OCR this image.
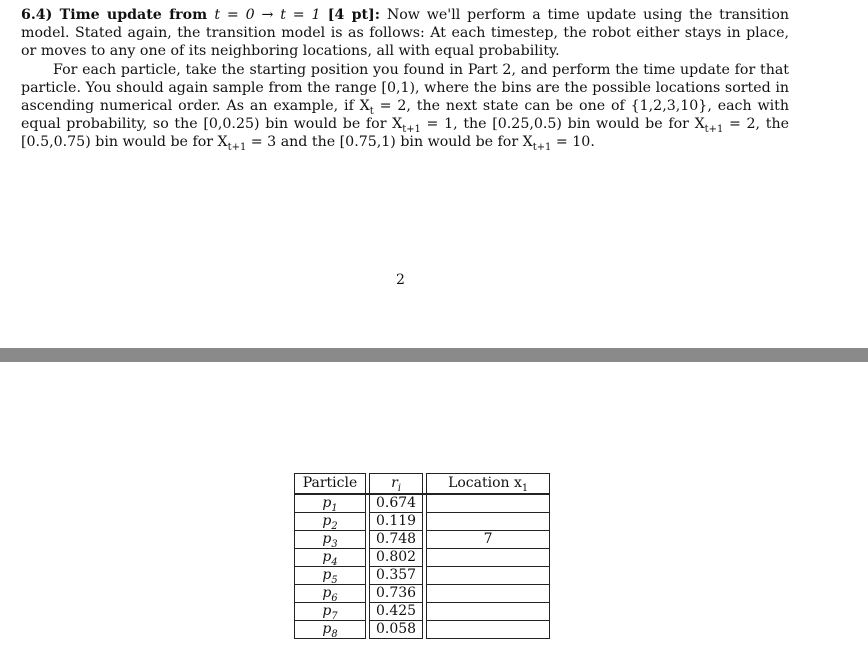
6.4) Time update from t = 0 → t = 1 [4 pt]: Now we'll perform a time update using the transition model. Stated again, the transition model is as follows: At each timestep, the robot either stays in place, or moves to any one of its neighboring locations, all with equal probability.

For each particle, take the starting position you found in Part 2, and perform the time update for that particle. You should again sample from the range [0,1), where the bins are the possible locations sorted in ascending numerical order. As an example, if $X_t = 2$, the next state can be one of {1,2,3,10}, each with equal probability, so the [0,0.25) bin would be for $X_{t+1} = 1$, the [0.25,0.5) bin would be for $X_{t+1} = 2$, the [0.5,0.75) bin would be for $X_{t+1} = 3$ and the [0.75,1) bin would be for $X_{t+1} = 10$.

2
Particle		$r_i$		Location $x_1$
$p_1$		0.674		
$p_2$		0.119		
$p_3$		0.748		7
$p_4$		0.802		
$p_5$		0.357		
$p_6$		0.736		
$p_7$		0.425		
$p_8$		0.058		
